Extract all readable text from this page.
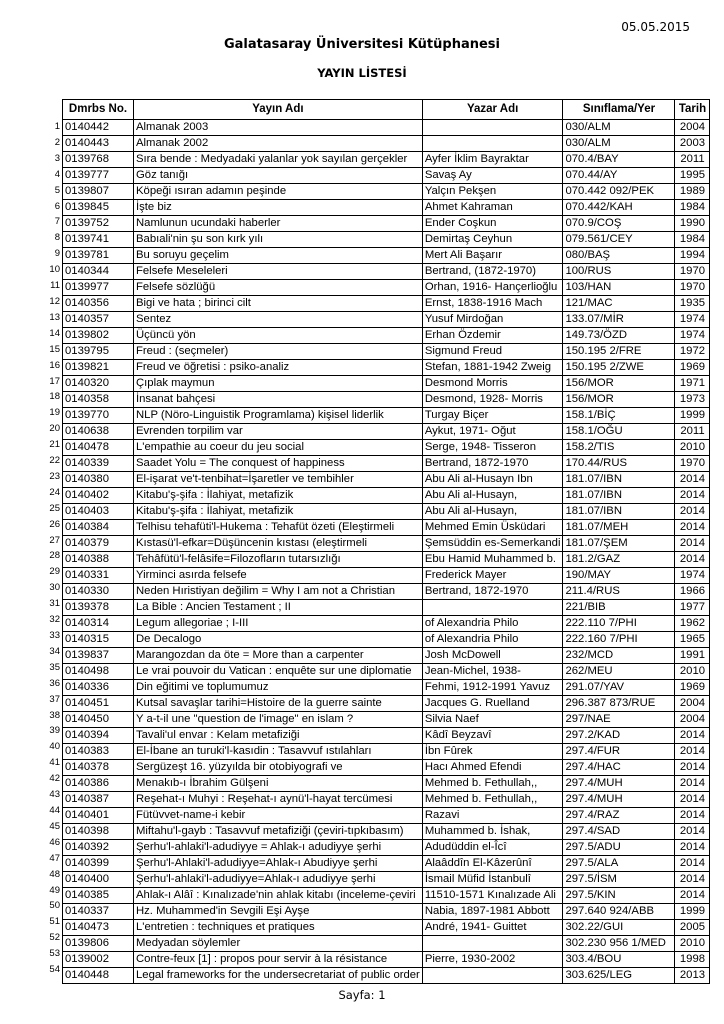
05.05.2015
Galatasaray Üniversitesi Kütüphanesi
YAYIN LİSTESİ
1
2
3
4
5
6
7
8
9
10
11
12
13
14
15
16
17
18
19
20
21
22
23
24
25
26
27
28
29
30
31
32
33
34
35
36
37
38
39
40
41
42
43
44
45
46
47
48
49
50
51
52
53
54
Dmrbs No.	Yayın Adı	Yazar Adı	Sınıflama/Yer	Tarih
0140442	Almanak 2003		030/ALM	2004
0140443	Almanak 2002		030/ALM	2003
0139768	Sıra bende : Medyadaki yalanlar yok sayılan gerçekler	Ayfer İklim Bayraktar	070.4/BAY	2011
0139777	Göz tanığı	Savaş Ay	070.44/AY	1995
0139807	Köpeği ısıran adamın peşinde	Yalçın Pekşen	070.442 092/PEK	1989
0139845	İşte biz	Ahmet Kahraman	070.442/KAH	1984
0139752	Namlunun ucundaki haberler	Ender Coşkun	070.9/COŞ	1990
0139741	Babıali'nin şu son kırk yılı	Demirtaş Ceyhun	079.561/CEY	1984
0139781	Bu soruyu geçelim	Mert Ali Başarır	080/BAŞ	1994
0140344	Felsefe Meseleleri	Bertrand, (1872-1970)	100/RUS	1970
0139977	Felsefe sözlüğü	Orhan, 1916- Hançerlioğlu	103/HAN	1970
0140356	Bigi ve hata ; birinci cilt	Ernst, 1838-1916 Mach	121/MAC	1935
0140357	Sentez	Yusuf Mirdoğan	133.07/MİR	1974
0139802	Üçüncü yön	Erhan Özdemir	149.73/ÖZD	1974
0139795	Freud : (seçmeler)	Sigmund Freud	150.195 2/FRE	1972
0139821	Freud ve öğretisi : psiko-analiz	Stefan, 1881-1942 Zweig	150.195 2/ZWE	1969
0140320	Çıplak maymun	Desmond Morris	156/MOR	1971
0140358	İnsanat bahçesi	Desmond, 1928- Morris	156/MOR	1973
0139770	NLP (Nöro-Linguistik Programlama) kişisel liderlik	Turgay Biçer	158.1/BİÇ	1999
0140638	Evrenden torpilim var	Aykut, 1971- Oğut	158.1/OĞU	2011
0140478	L'empathie au coeur du jeu social	Serge, 1948- Tisseron	158.2/TIS	2010
0140339	Saadet Yolu = The conquest of happiness	Bertrand, 1872-1970	170.44/RUS	1970
0140380	El-işarat ve't-tenbihat=İşaretler ve tembihler	Abu Ali al-Husayn Ibn	181.07/IBN	2014
0140402	Kitabu'ş-şifa : İlahiyat, metafizik	Abu Ali al-Husayn,	181.07/IBN	2014
0140403	Kitabu'ş-şifa : İlahiyat, metafizik	Abu Ali al-Husayn,	181.07/IBN	2014
0140384	Telhisu tehafüti'l-Hukema : Tehafüt özeti (Eleştirmeli	Mehmed Emin Üsküdari	181.07/MEH	2014
0140379	Kıstasü'l-efkar=Düşüncenin kıstası (eleştirmeli	Şemsüddin es-Semerkandi	181.07/ŞEM	2014
0140388	Tehâfütü'l-felâsife=Filozofların tutarsızlığı	Ebu Hamid Muhammed b.	181.2/GAZ	2014
0140331	Yirminci asırda felsefe	Frederick Mayer	190/MAY	1974
0140330	Neden Hıristiyan değilim = Why I am not a Christian	Bertrand, 1872-1970	211.4/RUS	1966
0139378	La Bible : Ancien Testament ; II		221/BIB	1977
0140314	Legum allegoriae ; I-III	of Alexandria Philo	222.110 7/PHI	1962
0140315	De Decalogo	of Alexandria Philo	222.160 7/PHI	1965
0139837	Marangozdan da öte = More than a carpenter	Josh McDowell	232/MCD	1991
0140498	Le vrai pouvoir du Vatican : enquête sur une diplomatie	Jean-Michel, 1938-	262/MEU	2010
0140336	Din eğitimi ve toplumumuz	Fehmi, 1912-1991 Yavuz	291.07/YAV	1969
0140451	Kutsal savaşlar tarihi=Histoire de la guerre sainte	Jacques G. Ruelland	296.387 873/RUE	2004
0140450	Y a-t-il une "question de l'image" en islam ?	Silvia Naef	297/NAE	2004
0140394	Tavali'ul envar : Kelam metafiziği	Kâdî Beyzavî	297.2/KAD	2014
0140383	El-İbane an turuki'l-kasıdin : Tasavvuf ıstılahları	İbn Fûrek	297.4/FUR	2014
0140378	Sergüzeşt 16. yüzyılda bir otobiyografi ve	Hacı Ahmed Efendi	297.4/HAC	2014
0140386	Menakıb-ı İbrahim Gülşeni	Mehmed b. Fethullah,,	297.4/MUH	2014
0140387	Reşehat-ı Muhyi : Reşehat-ı aynü'l-hayat tercümesi	Mehmed b. Fethullah,,	297.4/MUH	2014
0140401	Fütüvvet-name-i kebir	Razavi	297.4/RAZ	2014
0140398	Miftahu'l-gayb : Tasavvuf metafiziği (çeviri-tıpkıbasım)	Muhammed b. İshak,	297.4/SAD	2014
0140392	Şerhu'l-ahlaki'l-adudiyye = Ahlak-ı adudiyye şerhi	Adudüddin el-Îcî	297.5/ADU	2014
0140399	Şerhu'l-Ahlaki'l-adudiyye=Ahlak-ı Abudiyye şerhi	Alaâddîn El-Kâzerûnî	297.5/ALA	2014
0140400	Şerhu'l-ahlaki'l-adudiyye=Ahlak-ı adudiyye şerhi	İsmail Müfid İstanbulî	297.5/İSM	2014
0140385	Ahlak-ı Alâî : Kınalızade'nin ahlak kitabı (inceleme-çeviri	11510-1571 Kınalızade Ali	297.5/KIN	2014
0140337	Hz. Muhammed'in Sevgili Eşi Ayşe	Nabia, 1897-1981 Abbott	297.640 924/ABB	1999
0140473	L'entretien : techniques et pratiques	André, 1941- Guittet	302.22/GUI	2005
0139806	Medyadan söylemler		302.230 956 1/MED	2010
0139002	Contre-feux [1] : propos pour servir à la résistance	Pierre, 1930-2002	303.4/BOU	1998
0140448	Legal frameworks for the undersecretariat of public order		303.625/LEG	2013
Sayfa: 1
